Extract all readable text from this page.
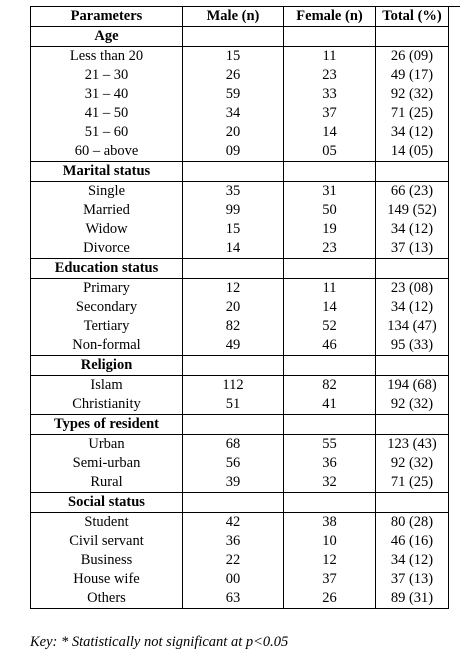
Parameters	Male (n)	Female (n)	Total (%)
Age			
Less than 20	15	11	26 (09)
21 – 30	26	23	49 (17)
31 – 40	59	33	92 (32)
41 – 50	34	37	71 (25)
51 – 60	20	14	34 (12)
60 – above	09	05	14 (05)
Marital status			
Single	35	31	66 (23)
Married	99	50	149 (52)
Widow	15	19	34 (12)
Divorce	14	23	37 (13)
Education status			
Primary	12	11	23 (08)
Secondary	20	14	34 (12)
Tertiary	82	52	134 (47)
Non-formal	49	46	95 (33)
Religion			
Islam	112	82	194 (68)
Christianity	51	41	92 (32)
Types of resident			
Urban	68	55	123 (43)
Semi-urban	56	36	92 (32)
Rural	39	32	71 (25)
Social status			
Student	42	38	80 (28)
Civil servant	36	10	46 (16)
Business	22	12	34 (12)
House wife	00	37	37 (13)
Others	63	26	89 (31)
Key: * Statistically not significant at p<0.05
